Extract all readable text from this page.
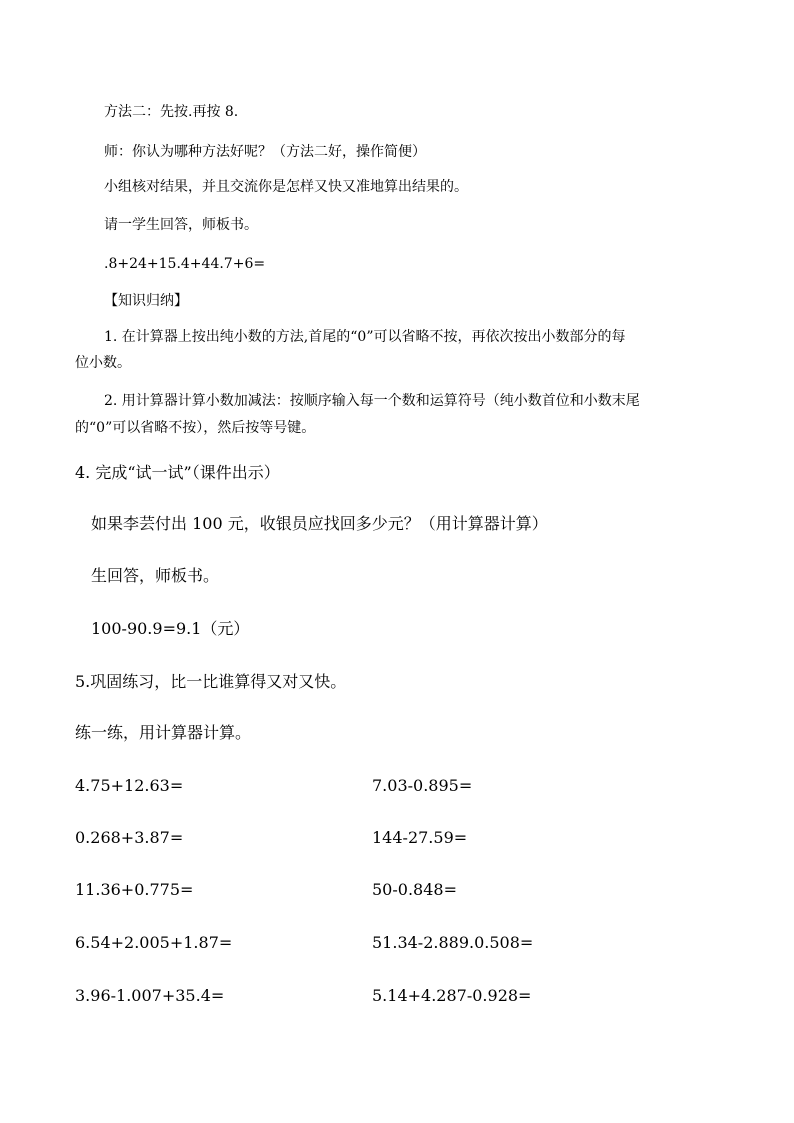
方法二：先按.再按 8.
师：你认为哪种方法好呢？（方法二好，操作简便）
小组核对结果，并且交流你是怎样又快又准地算出结果的。
请一学生回答，师板书。
.8+24+15.4+44.7+6=
【知识归纳】
1. 在计算器上按出纯小数的方法,首尾的“0”可以省略不按，再依次按出小数部分的每
位小数。
2. 用计算器计算小数加减法：按顺序输入每一个数和运算符号（纯小数首位和小数末尾
的“0”可以省略不按），然后按等号键。
4. 完成“试一试”（课件出示）
如果李芸付出 100 元，收银员应找回多少元？（用计算器计算）
生回答，师板书。
100-90.9=9.1（元）
5.巩固练习，比一比谁算得又对又快。
练一练，用计算器计算。
4.75+12.63=	7.03-0.895=
0.268+3.87=	144-27.59=
11.36+0.775=	50-0.848=
6.54+2.005+1.87=	51.34-2.889.0.508=
3.96-1.007+35.4=	5.14+4.287-0.928=
